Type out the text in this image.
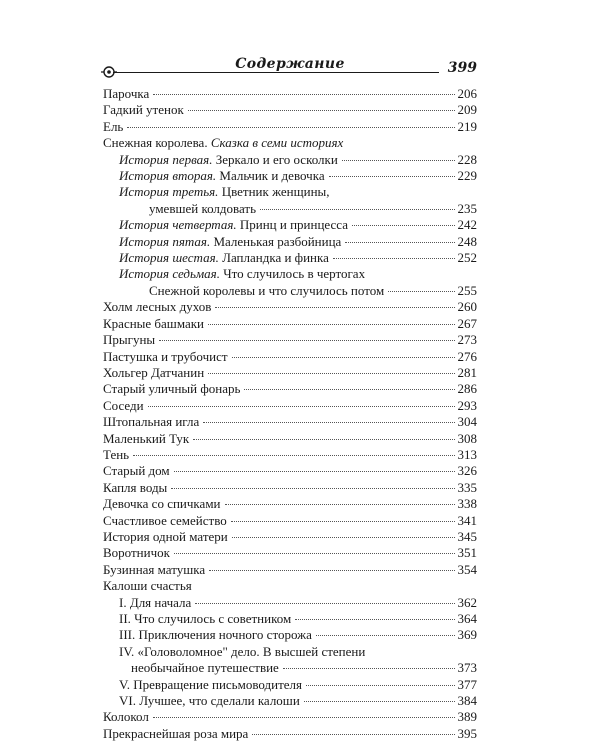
Содержание	399
Парочка	206
Гадкий утенок	209
Ель	219
Снежная королева. Сказка в семи историях
История первая. Зеркало и его осколки	228
История вторая. Мальчик и девочка	229
История третья. Цветник женщины,
умевшей колдовать	235
История четвертая. Принц и принцесса	242
История пятая. Маленькая разбойница	248
История шестая. Лапландка и финка	252
История седьмая. Что случилось в чертогах
Снежной королевы и что случилось потом	255
Холм лесных духов	260
Красные башмаки	267
Прыгуны	273
Пастушка и трубочист	276
Хольгер Датчанин	281
Старый уличный фонарь	286
Соседи	293
Штопальная игла	304
Маленький Тук	308
Тень	313
Старый дом	326
Капля воды	335
Девочка со спичками	338
Счастливое семейство	341
История одной матери	345
Воротничок	351
Бузинная матушка	354
Калоши счастья
I. Для начала	362
II. Что случилось с советником	364
III. Приключения ночного сторожа	369
IV. «Головоломное" дело. В высшей степени
необычайное путешествие	373
V. Превращение письмоводителя	377
VI. Лучшее, что сделали калоши	384
Колокол	389
Прекраснейшая роза мира	395
